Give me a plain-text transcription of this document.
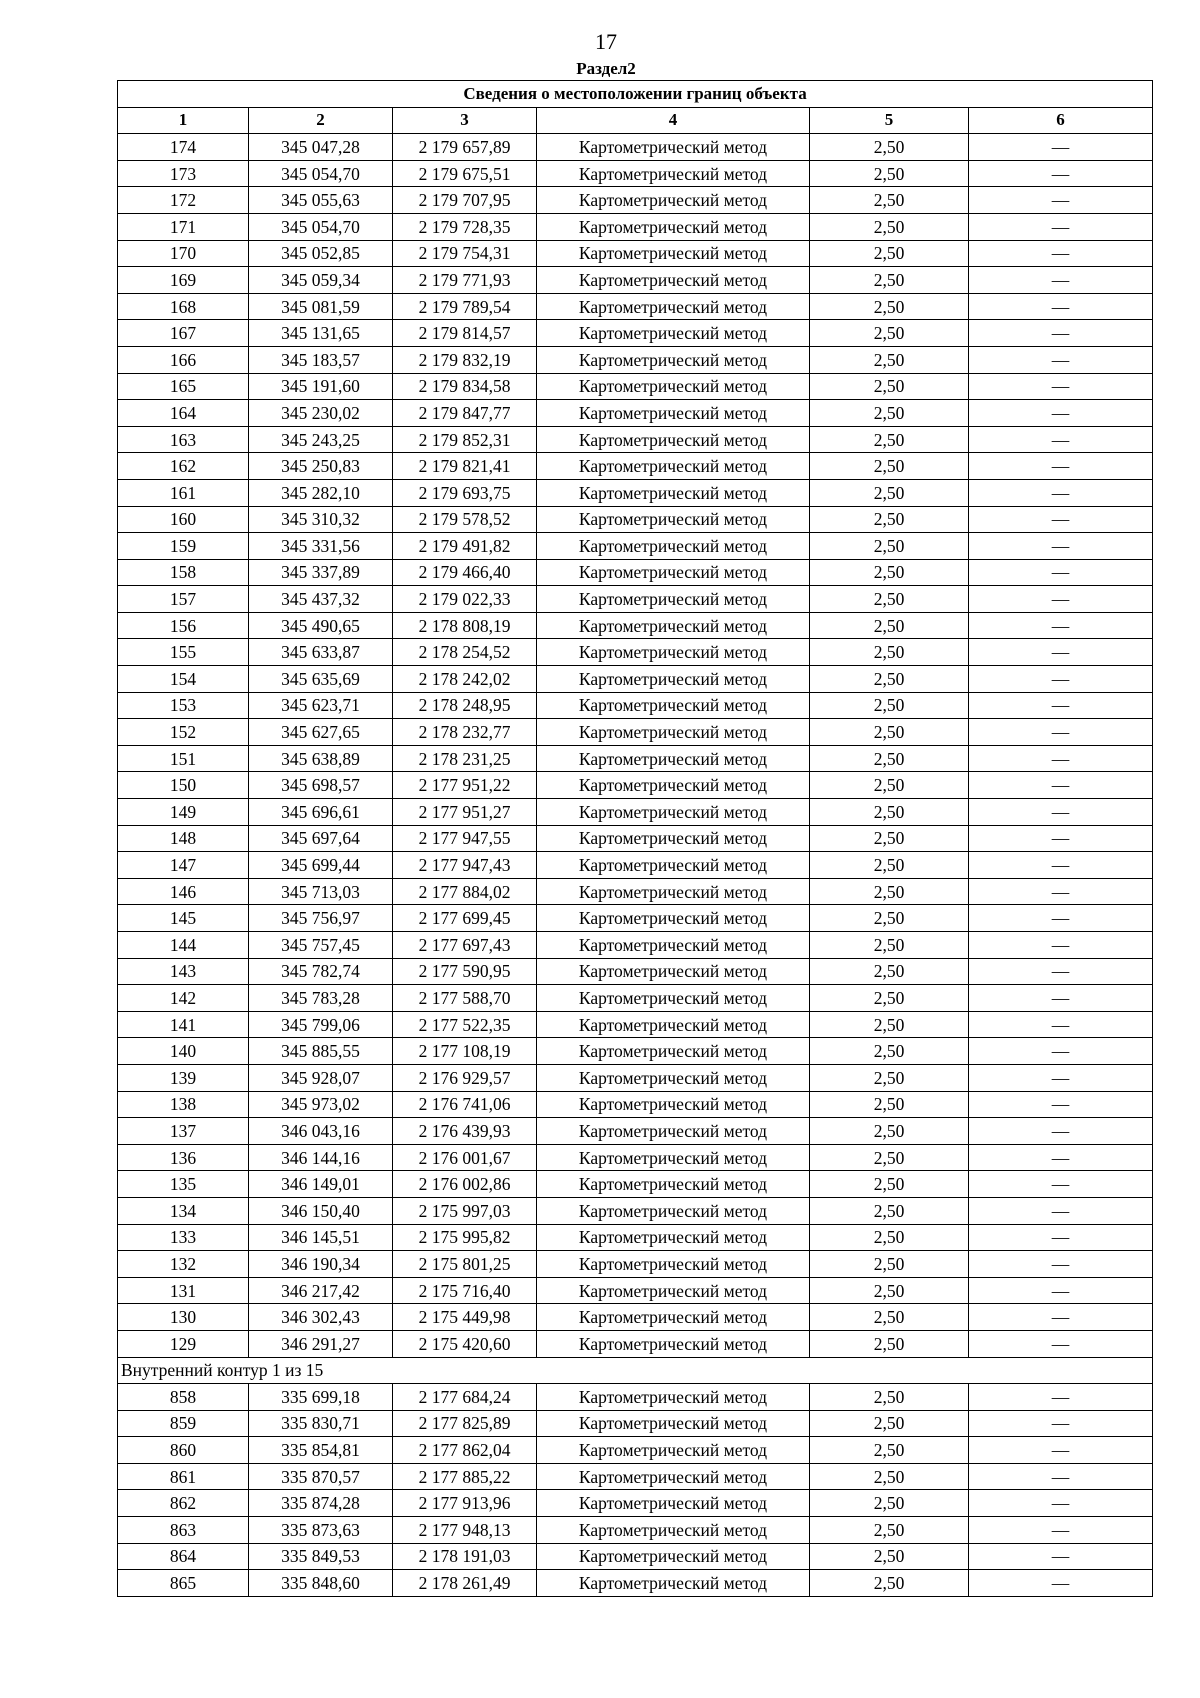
17
Раздел2
Сведения о местоположении границ объекта					
1	2	3	4	5	6
174	345 047,28	2 179 657,89	Картометрический метод	2,50	—
173	345 054,70	2 179 675,51	Картометрический метод	2,50	—
172	345 055,63	2 179 707,95	Картометрический метод	2,50	—
171	345 054,70	2 179 728,35	Картометрический метод	2,50	—
170	345 052,85	2 179 754,31	Картометрический метод	2,50	—
169	345 059,34	2 179 771,93	Картометрический метод	2,50	—
168	345 081,59	2 179 789,54	Картометрический метод	2,50	—
167	345 131,65	2 179 814,57	Картометрический метод	2,50	—
166	345 183,57	2 179 832,19	Картометрический метод	2,50	—
165	345 191,60	2 179 834,58	Картометрический метод	2,50	—
164	345 230,02	2 179 847,77	Картометрический метод	2,50	—
163	345 243,25	2 179 852,31	Картометрический метод	2,50	—
162	345 250,83	2 179 821,41	Картометрический метод	2,50	—
161	345 282,10	2 179 693,75	Картометрический метод	2,50	—
160	345 310,32	2 179 578,52	Картометрический метод	2,50	—
159	345 331,56	2 179 491,82	Картометрический метод	2,50	—
158	345 337,89	2 179 466,40	Картометрический метод	2,50	—
157	345 437,32	2 179 022,33	Картометрический метод	2,50	—
156	345 490,65	2 178 808,19	Картометрический метод	2,50	—
155	345 633,87	2 178 254,52	Картометрический метод	2,50	—
154	345 635,69	2 178 242,02	Картометрический метод	2,50	—
153	345 623,71	2 178 248,95	Картометрический метод	2,50	—
152	345 627,65	2 178 232,77	Картометрический метод	2,50	—
151	345 638,89	2 178 231,25	Картометрический метод	2,50	—
150	345 698,57	2 177 951,22	Картометрический метод	2,50	—
149	345 696,61	2 177 951,27	Картометрический метод	2,50	—
148	345 697,64	2 177 947,55	Картометрический метод	2,50	—
147	345 699,44	2 177 947,43	Картометрический метод	2,50	—
146	345 713,03	2 177 884,02	Картометрический метод	2,50	—
145	345 756,97	2 177 699,45	Картометрический метод	2,50	—
144	345 757,45	2 177 697,43	Картометрический метод	2,50	—
143	345 782,74	2 177 590,95	Картометрический метод	2,50	—
142	345 783,28	2 177 588,70	Картометрический метод	2,50	—
141	345 799,06	2 177 522,35	Картометрический метод	2,50	—
140	345 885,55	2 177 108,19	Картометрический метод	2,50	—
139	345 928,07	2 176 929,57	Картометрический метод	2,50	—
138	345 973,02	2 176 741,06	Картометрический метод	2,50	—
137	346 043,16	2 176 439,93	Картометрический метод	2,50	—
136	346 144,16	2 176 001,67	Картометрический метод	2,50	—
135	346 149,01	2 176 002,86	Картометрический метод	2,50	—
134	346 150,40	2 175 997,03	Картометрический метод	2,50	—
133	346 145,51	2 175 995,82	Картометрический метод	2,50	—
132	346 190,34	2 175 801,25	Картометрический метод	2,50	—
131	346 217,42	2 175 716,40	Картометрический метод	2,50	—
130	346 302,43	2 175 449,98	Картометрический метод	2,50	—
129	346 291,27	2 175 420,60	Картометрический метод	2,50	—
Внутренний контур 1 из 15					
858	335 699,18	2 177 684,24	Картометрический метод	2,50	—
859	335 830,71	2 177 825,89	Картометрический метод	2,50	—
860	335 854,81	2 177 862,04	Картометрический метод	2,50	—
861	335 870,57	2 177 885,22	Картометрический метод	2,50	—
862	335 874,28	2 177 913,96	Картометрический метод	2,50	—
863	335 873,63	2 177 948,13	Картометрический метод	2,50	—
864	335 849,53	2 178 191,03	Картометрический метод	2,50	—
865	335 848,60	2 178 261,49	Картометрический метод	2,50	—
